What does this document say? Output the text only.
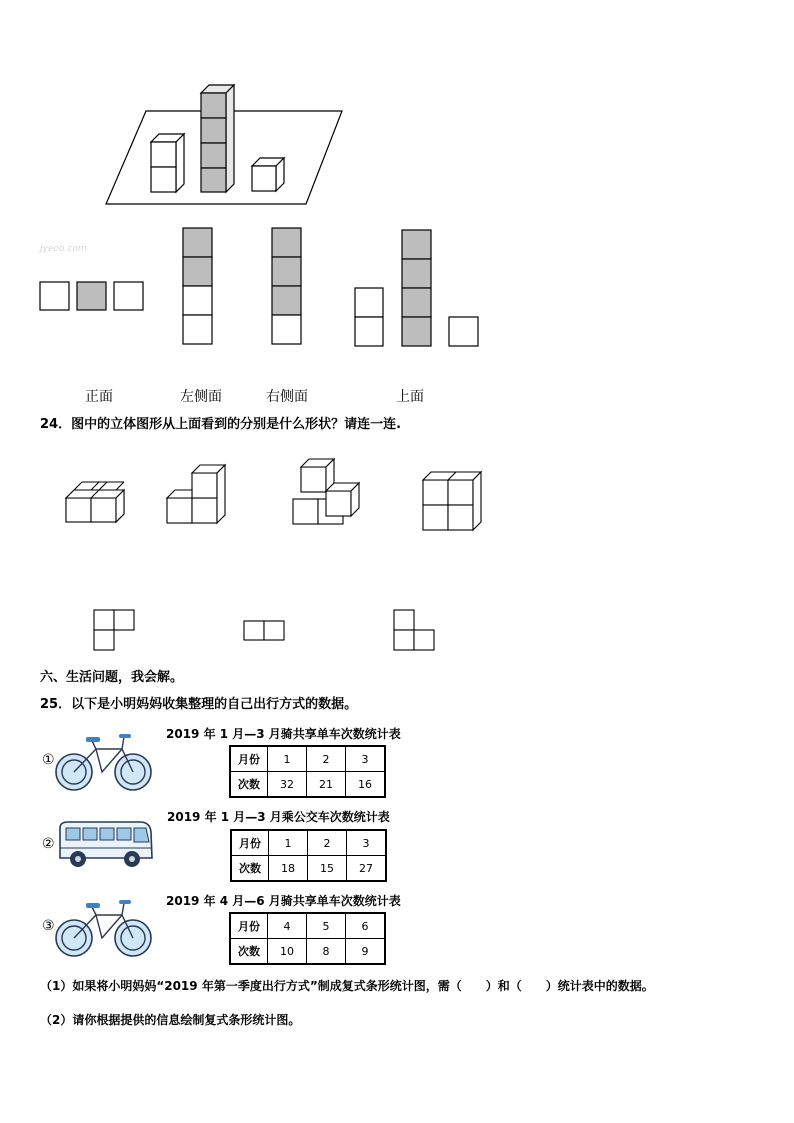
Jyeoo.com
正面	左侧面	右侧面	上面
24．图中的立体图形从上面看到的分别是什么形状？请连一连.
六、生活问题，我会解。
25．以下是小明妈妈收集整理的自己出行方式的数据。
①
2019 年 1 月—3 月骑共享单车次数统计表
月份	1	2	3
次数	32	21	16
②
2019 年 1 月—3 月乘公交车次数统计表
月份	1	2	3
次数	18	15	27
③
2019 年 4 月—6 月骑共享单车次数统计表
月份	4	5	6
次数	10	8	9
（1）如果将小明妈妈“2019 年第一季度出行方式”制成复式条形统计图，需（　　）和（　　）统计表中的数据。
（2）请你根据提供的信息绘制复式条形统计图。
